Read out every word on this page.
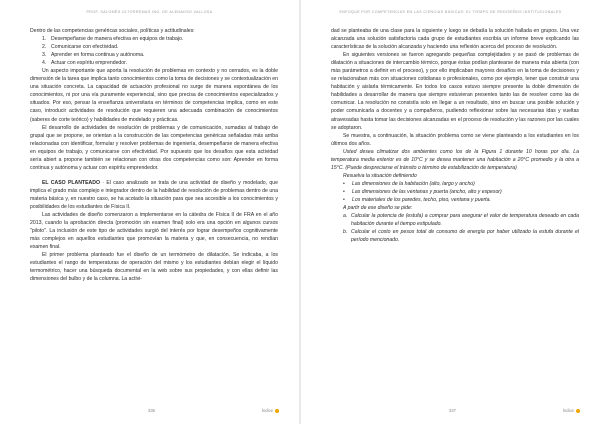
PROF. SALOMÉS ÜLTORREMAS ING. DE ALENADSO VALLOSA

Dentro de las competencias genéricas sociales, políticas y actitudinales:

1. Desempeñarse de manera efectiva en equipos de trabajo.
2. Comunicarse con efectividad.
3. Aprender en forma continua y autónoma.
4. Actuar con espíritu emprendedor.

Un aspecto importante que aporta la resolución de problemas en contexto y no cerrados, es la doble dimensión de la tarea que implica tanto conocimientos como la toma de decisiones y se contextualización en una situación concreta. La capacidad de actuación profesional no surge de manera espontánea de los conocimientos, ni por una vía puramente experiencial, sino que precisa de conocimientos especializados y situados. Por eso, pensar la enseñanza universitaria en términos de competencias implica, como en este caso, introducir actividades de resolución que requieren una adecuada combinación de conocimientos (saberes de corte teórico) y habilidades de modelado y prácticas.

El desarrollo de actividades de resolución de problemas y de comunicación, sumadas al trabajo de grupal que se propone, se orientan a la construcción de las competencias genéricas señaladas más arriba relacionadas con identificar, formular y resolver problemas de ingeniería, desempeñarse de manera efectiva en equipos de trabajo, y comunicarse con efectividad. Por supuesto que los desafíos que esta actividad sería abiert a propone también se relacionan con otras dos competencias como son: Aprender en forma continua y autónoma y actuar con espíritu emprendedor.

EL CASO PLANTEADO · El caso analizado se trata de una actividad de diseño y modelado, que implica el grado más complejo e integrador dentro de la habilidad de resolución de problemas dentro de una materia básica y, en nuestro caso, se ha acotado la situación para que sea accesible a los conocimientos y posibilidades de los estudiantes de Física II.

Las actividades de diseño comenzaron a implementarse en la cátedra de Física II de FRA en el año 2013, cuando la aprobación directa (promoción sin examen final) solo era una opción en algunos cursos "piloto". La inclusión de este tipo de actividades surgió del interés por lograr desempeños cognitivamente más complejos en aquellos estudiantes que promovían la materia y que, en consecuencia, no rendían examen final.

El primer problema planteado fue el diseño de un termómetro de dilatación. Se indicaba, a los estudiantes el rango de temperaturas de operación del mismo y los estudiantes debían elegir el líquido termométrico, hacer una búsqueda documental en la web sobre sus propiedades, y con ellas definir las dimensiones del bulbo y de la columna. La activi-

336	Índice
ENFOQUE POR COMPETENCIAS EN LAS CIENCIAS BÁSICAS: EL TIEMPO DE REDISEÑOS INSTITUCIONALES

dad se planteaba de una clase para la siguiente y luego se debatía la solución hallada en grupos. Una vez alcanzada una solución satisfactoria cada grupo de estudiantes escribía un informe breve explicando las características de la solución alcanzada y haciendo una reflexión acerca del proceso de resolución.

En siguientes versiones se fueron agregando pequeñas complejidades y se pasó de problemas de dilatación a situaciones de intercambio térmico, porque éstas podían plantearse de manera más abierta (con más parámetros a definir en el proceso), y por ello implicaban mayores desafíos en la toma de decisiones y se relacionaban más con situaciones cotidianas o profesionales, como por ejemplo, tener que construir una habitación y aislarla térmicamente. En todos los casos estuvo siempre presente la doble dimensión de habilidades a desarrollar de manera que siempre estuvieran presentes tanto las de resolver como las de comunicar. La resolución no consistía solo en llegar a un resultado, sino en buscar una posible solución y poder comunicarla a docentes y a compañeros, pudiendo reflexionar sobre las necesarias idas y vueltas atravesadas hasta tomar las decisiones alcanzadas en el proceso de resolución y las razones por las cuales se adoptaron.

Se muestra, a continuación, la situación problema como se viene planteando a los estudiantes en los últimos dos años.

Usted desea climatizar dos ambientes como los de la Figura 1 durante 10 horas por día. La temperatura media exterior es de 10°C y se desea mantener una habitación a 20°C promedio y la otra a 15°C. (Puede despreciarse el tránsito o término de estabilización de temperatura)

Resuelva la situación definiendo

• Las dimensiones de la habitación (alto, largo y ancho)
• Las dimensiones de las ventanas y puerta (ancho, alto y espesor)
• Los materiales de los paredes, techo, piso, ventana y puerta.

A partir de ese diseño se pide:

a. Calcular la potencia de (estufa) a comprar para asegurar el valor de temperatura deseado en cada habitación durante el tiempo estipulado.
b. Calcular el costo en pesos total de consumo de energía por haber utilizado la estufa durante el período mencionado.
337	Índice
